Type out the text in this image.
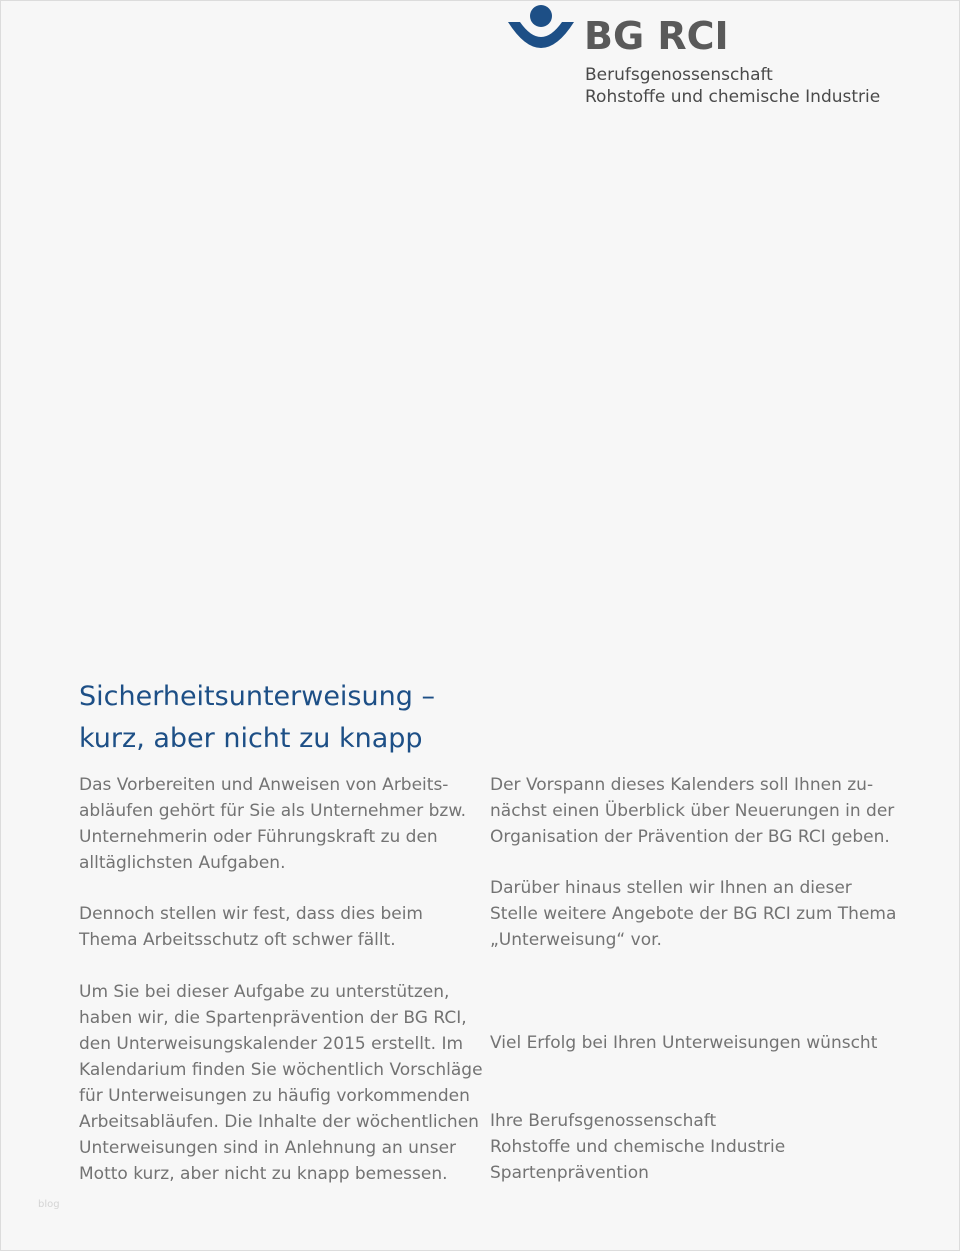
BG RCI
Berufsgenossenschaft
Rohstoffe und chemische Industrie
Sicherheitsunterweisung –
kurz, aber nicht zu knapp

Das Vorbereiten und Anweisen von Arbeits-
abläufen gehört für Sie als Unternehmer bzw.
Unternehmerin oder Führungskraft zu den
alltäglichsten Aufgaben.

Dennoch stellen wir fest, dass dies beim
Thema Arbeitsschutz oft schwer fällt.

Um Sie bei dieser Aufgabe zu unterstützen,
haben wir, die Spartenprävention der BG RCI,
den Unterweisungskalender 2015 erstellt. Im
Kalendarium finden Sie wöchentlich Vorschläge
für Unterweisungen zu häufig vorkommenden
Arbeitsabläufen. Die Inhalte der wöchentlichen
Unterweisungen sind in Anlehnung an unser
Motto kurz, aber nicht zu knapp bemessen.

Der Vorspann dieses Kalenders soll Ihnen zu-
nächst einen Überblick über Neuerungen in der
Organisation der Prävention der BG RCI geben.

Darüber hinaus stellen wir Ihnen an dieser
Stelle weitere Angebote der BG RCI zum Thema
„Unterweisung“ vor.

Viel Erfolg bei Ihren Unterweisungen wünscht

Ihre Berufsgenossenschaft
Rohstoffe und chemische Industrie
Spartenprävention

blog
